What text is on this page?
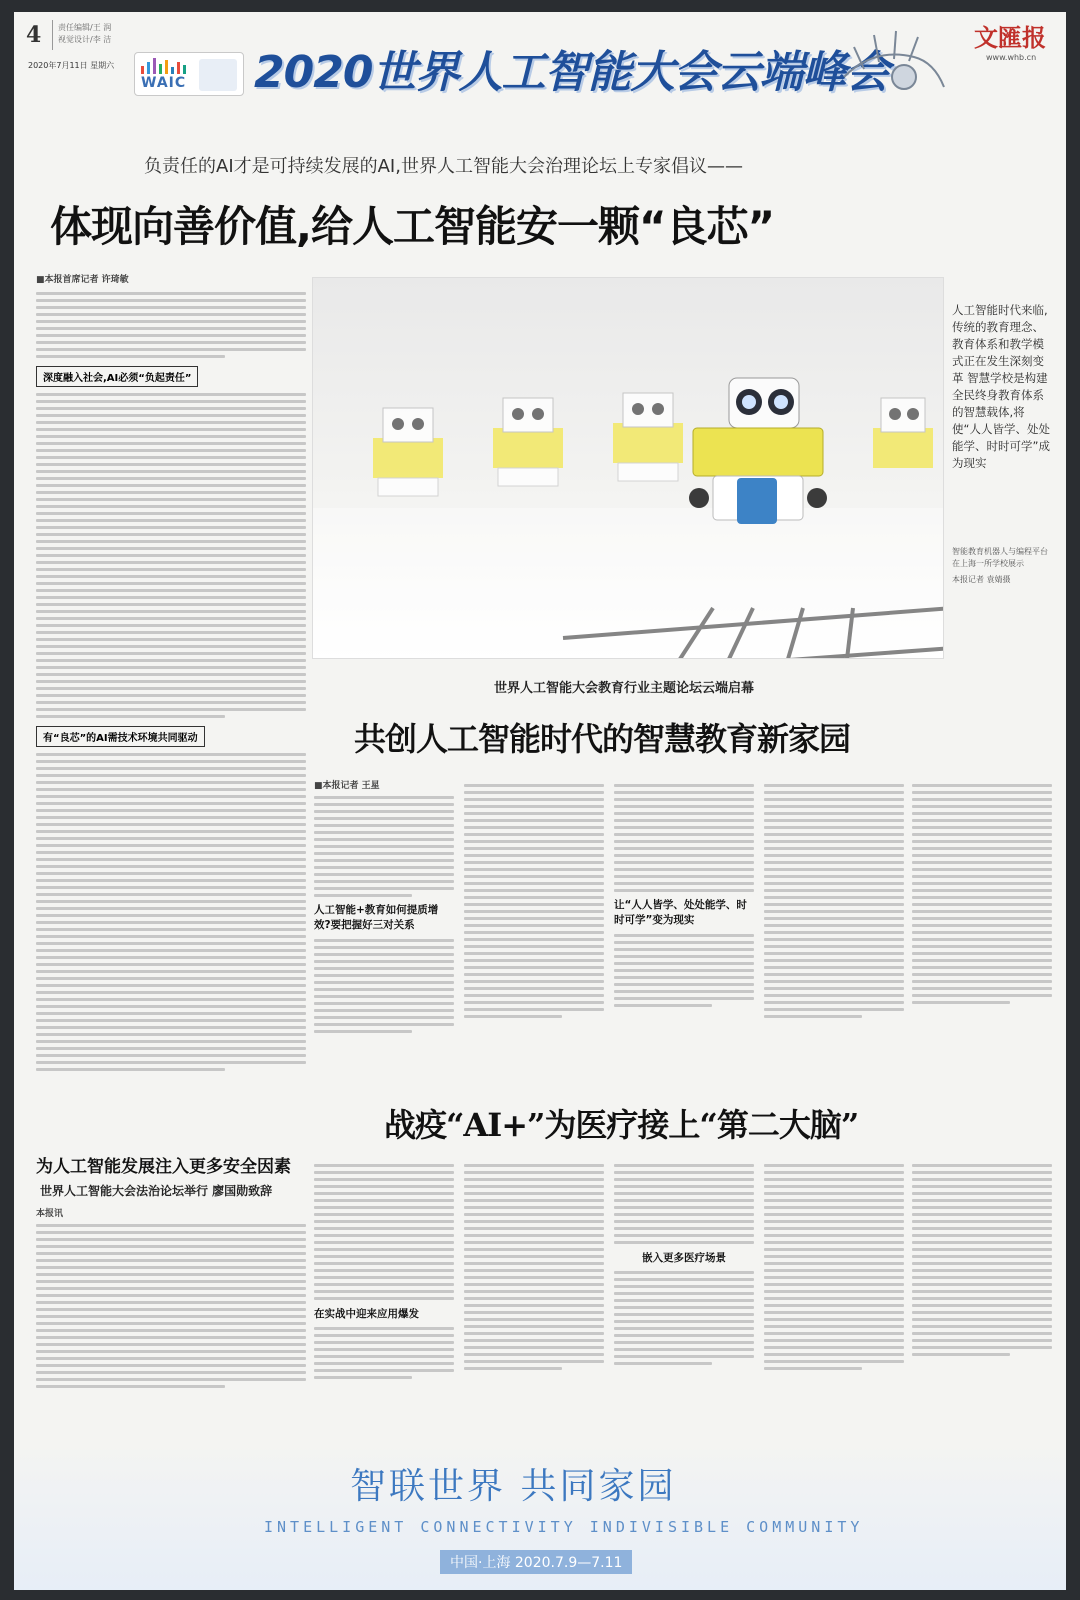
4 责任编辑/王 润
视觉设计/李 洁
2020年7月11日 星期六
WAIC 2020世界人工智能大会云端峰会
文匯报
www.whb.cn
负责任的AI才是可持续发展的AI,世界人工智能大会治理论坛上专家倡议——
体现向善价值,给人工智能安一颗“良芯”
■本报首席记者 许琦敏
深度融入社会,AI必须“负起责任”
有“良芯”的AI需技术环境共同驱动
人工智能时代来临,传统的教育理念、教育体系和教学模式正在发生深刻变革 智慧学校是构建全民终身教育体系的智慧载体,将使“人人皆学、处处能学、时时可学”成为现实
智能教育机器人与编程平台在上海一所学校展示
本报记者 袁婧摄
世界人工智能大会教育行业主题论坛云端启幕
共创人工智能时代的智慧教育新家园
■本报记者 王星
人工智能+教育如何提质增效?要把握好三对关系
让“人人皆学、处处能学、时时可学”变为现实
为人工智能发展注入更多安全因素
世界人工智能大会法治论坛举行 廖国勋致辞
本报讯
战疫“AI+”为医疗接上“第二大脑”
在实战中迎来应用爆发
嵌入更多医疗场景
智联世界 共同家园
INTELLIGENT CONNECTIVITY INDIVISIBLE COMMUNITY
中国·上海 2020.7.9—7.11
